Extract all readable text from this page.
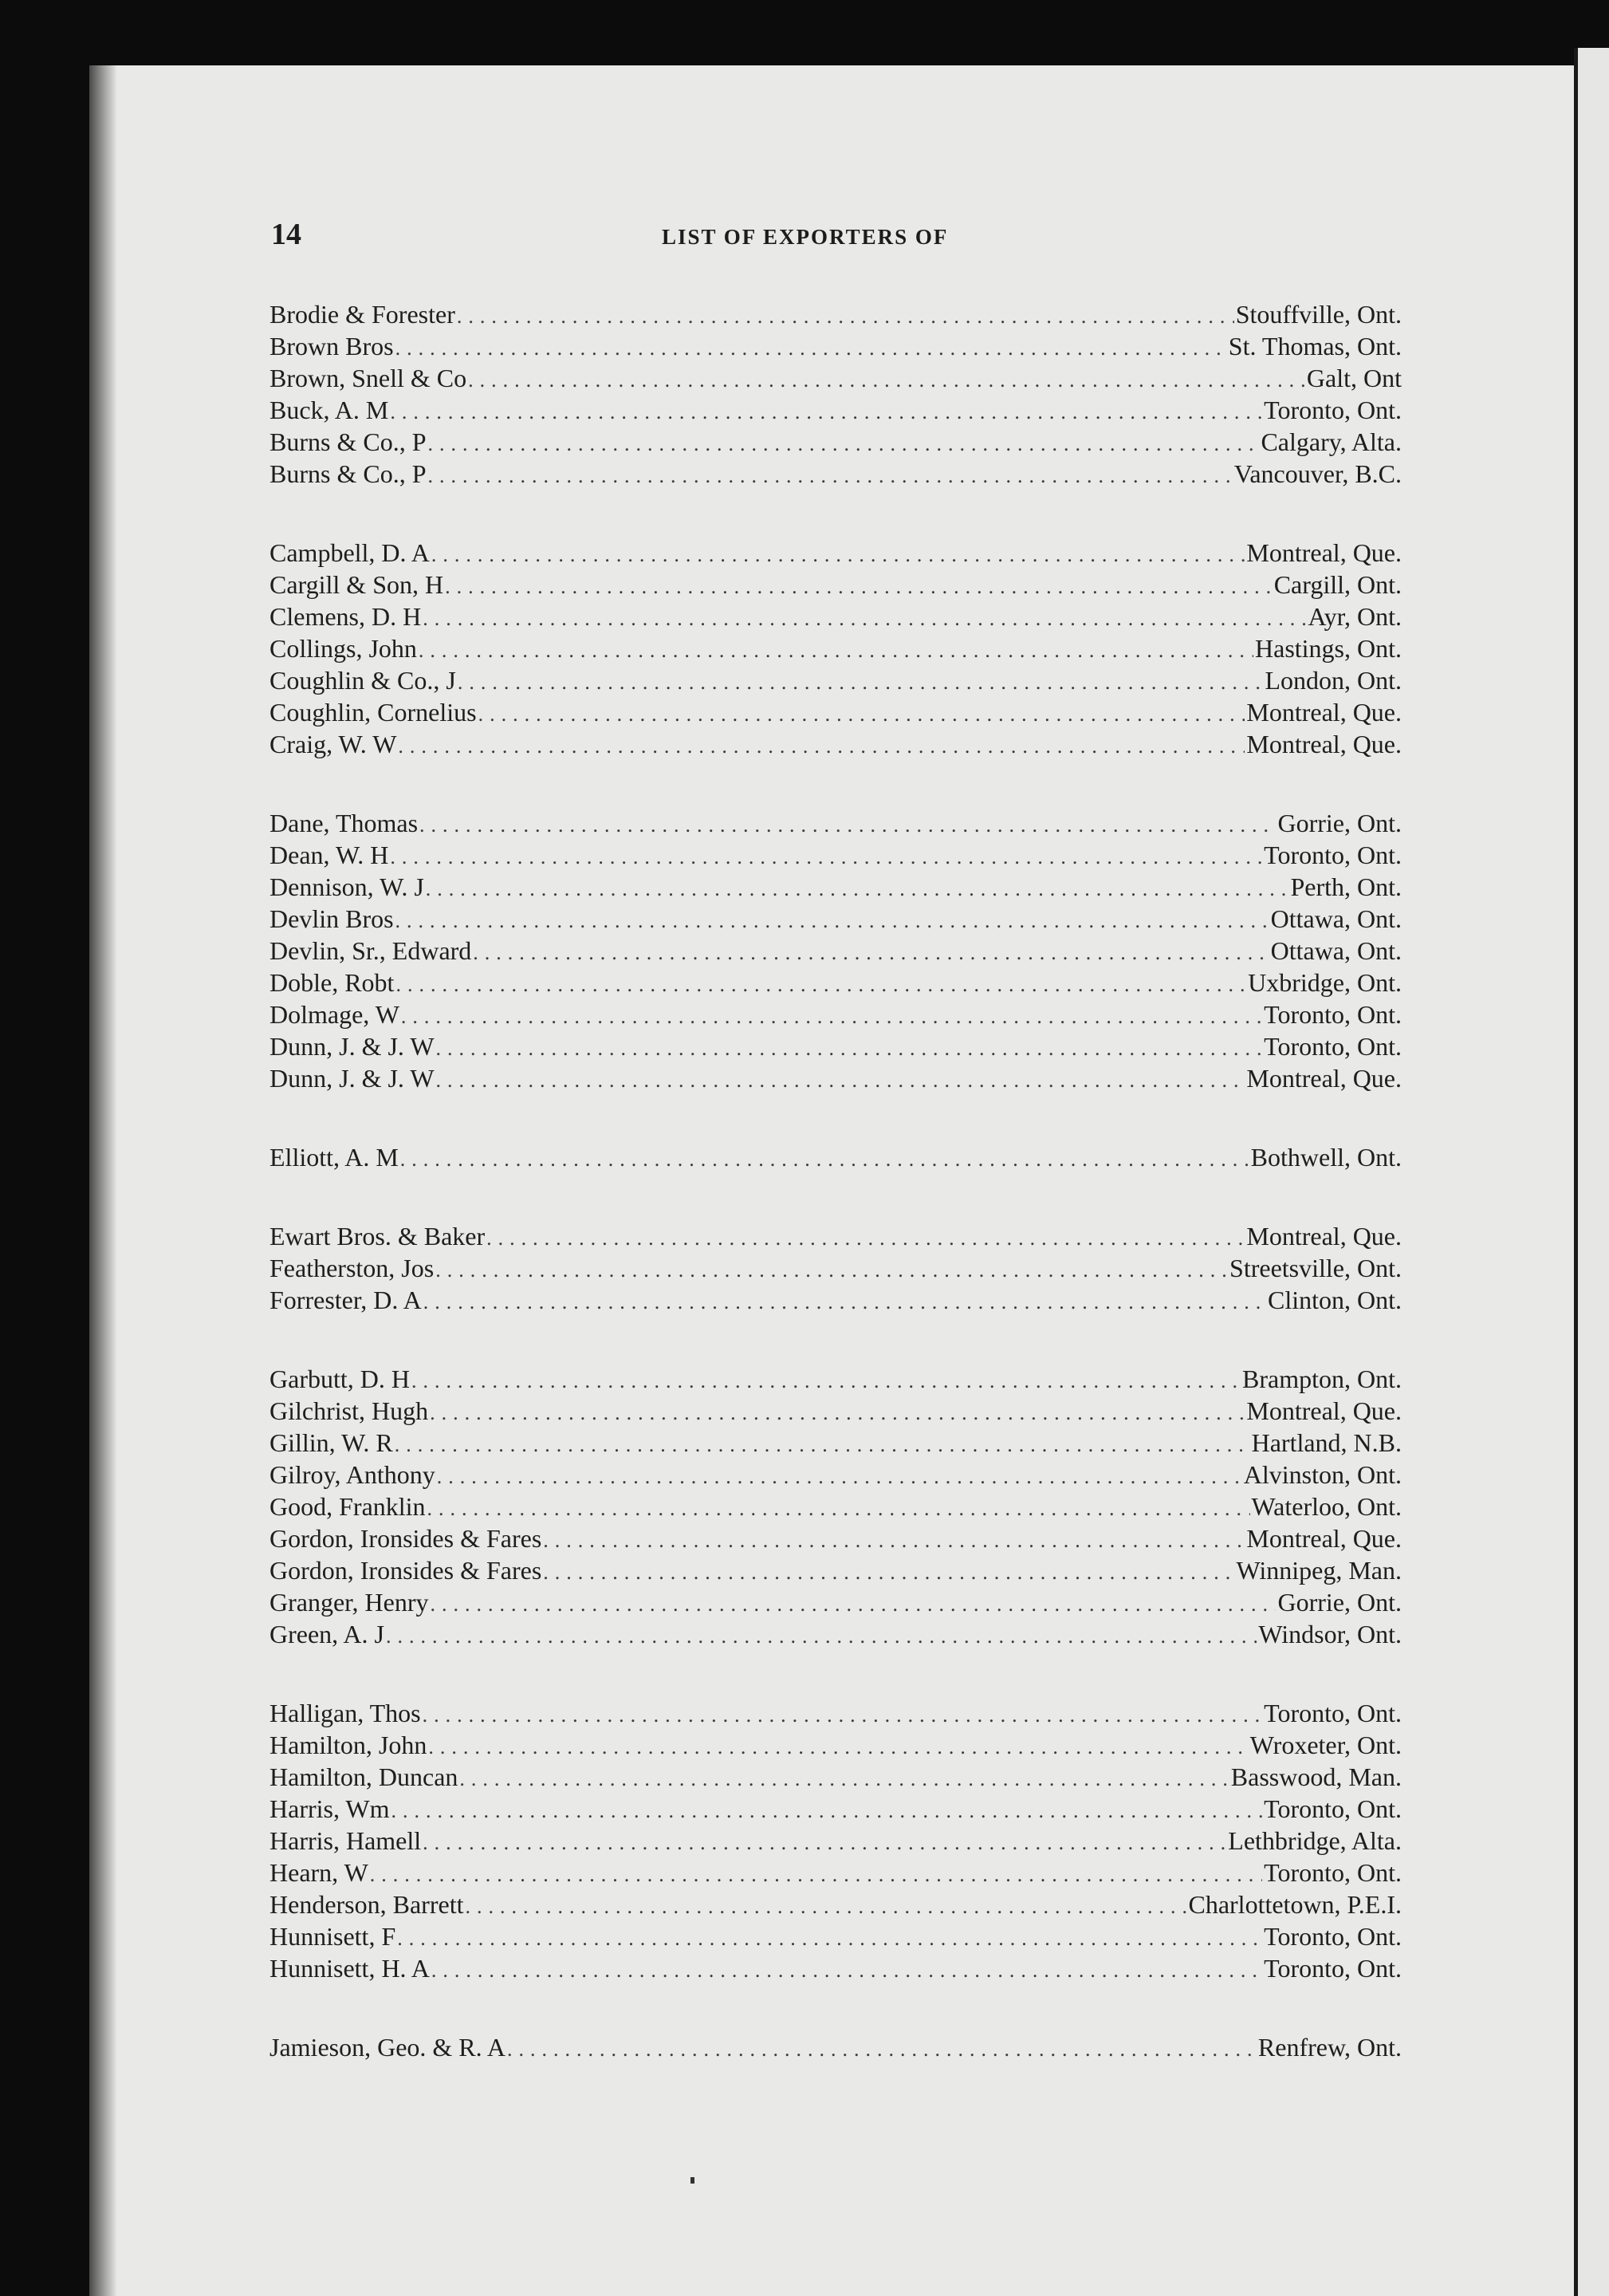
14	LIST OF EXPORTERS OF
Brodie & Forester .....	Stouffville, Ont.
Brown Bros .....	St. Thomas, Ont.
Brown, Snell & Co .....	Galt, Ont
Buck, A. M .....	Toronto, Ont.
Burns & Co., P .....	Calgary, Alta.
Burns & Co., P .....	Vancouver, B.C.
Campbell, D. A .....	Montreal, Que.
Cargill & Son, H .....	Cargill, Ont.
Clemens, D. H .....	Ayr, Ont.
Collings, John .....	Hastings, Ont.
Coughlin & Co., J .....	London, Ont.
Coughlin, Cornelius .....	Montreal, Que.
Craig, W. W .....	Montreal, Que.
Dane, Thomas .....	Gorrie, Ont.
Dean, W. H .....	Toronto, Ont.
Dennison, W. J .....	Perth, Ont.
Devlin Bros .....	Ottawa, Ont.
Devlin, Sr., Edward .....	Ottawa, Ont.
Doble, Robt .....	Uxbridge, Ont.
Dolmage, W .....	Toronto, Ont.
Dunn, J. & J. W .....	Toronto, Ont.
Dunn, J. & J. W .....	Montreal, Que.
Elliott, A. M .....	Bothwell, Ont.
Ewart Bros. & Baker .....	Montreal, Que.
Featherston, Jos .....	Streetsville, Ont.
Forrester, D. A .....	Clinton, Ont.
Garbutt, D. H .....	Brampton, Ont.
Gilchrist, Hugh .....	Montreal, Que.
Gillin, W. R .....	Hartland, N.B.
Gilroy, Anthony .....	Alvinston, Ont.
Good, Franklin .....	Waterloo, Ont.
Gordon, Ironsides & Fares .....	Montreal, Que.
Gordon, Ironsides & Fares .....	Winnipeg, Man.
Granger, Henry .....	Gorrie, Ont.
Green, A. J .....	Windsor, Ont.
Halligan, Thos .....	Toronto, Ont.
Hamilton, John .....	Wroxeter, Ont.
Hamilton, Duncan .....	Basswood, Man.
Harris, Wm .....	Toronto, Ont.
Harris, Hamell .....	Lethbridge, Alta.
Hearn, W .....	Toronto, Ont.
Henderson, Barrett .....	Charlottetown, P.E.I.
Hunnisett, F .....	Toronto, Ont.
Hunnisett, H. A .....	Toronto, Ont.
Jamieson, Geo. & R. A .....	Renfrew, Ont.
